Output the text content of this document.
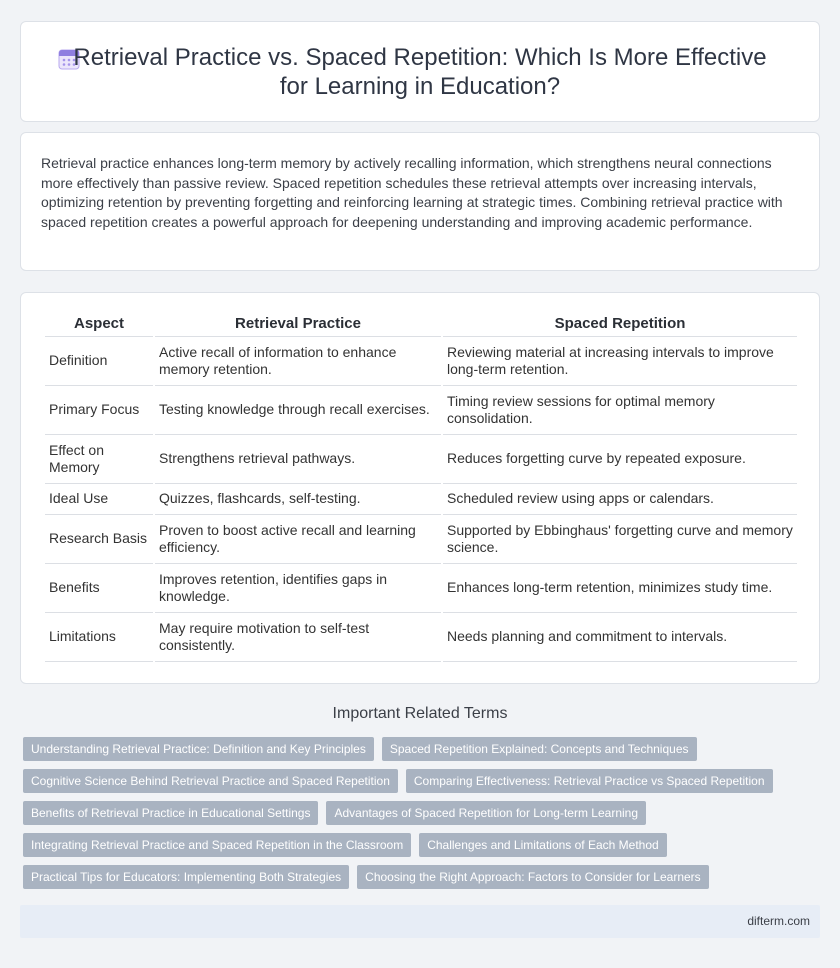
Retrieval Practice vs. Spaced Repetition: Which Is More Effective for Learning in Education?

Retrieval practice enhances long-term memory by actively recalling information, which strengthens neural connections more effectively than passive review. Spaced repetition schedules these retrieval attempts over increasing intervals, optimizing retention by preventing forgetting and reinforcing learning at strategic times. Combining retrieval practice with spaced repetition creates a powerful approach for deepening understanding and improving academic performance.

Aspect	Retrieval Practice	Spaced Repetition
Definition	Active recall of information to enhance memory retention.	Reviewing material at increasing intervals to improve long-term retention.
Primary Focus	Testing knowledge through recall exercises.	Timing review sessions for optimal memory consolidation.
Effect on Memory	Strengthens retrieval pathways.	Reduces forgetting curve by repeated exposure.
Ideal Use	Quizzes, flashcards, self-testing.	Scheduled review using apps or calendars.
Research Basis	Proven to boost active recall and learning efficiency.	Supported by Ebbinghaus' forgetting curve and memory science.
Benefits	Improves retention, identifies gaps in knowledge.	Enhances long-term retention, minimizes study time.
Limitations	May require motivation to self-test consistently.	Needs planning and commitment to intervals.
Important Related Terms
Understanding Retrieval Practice: Definition and Key Principles	Spaced Repetition Explained: Concepts and Techniques
Cognitive Science Behind Retrieval Practice and Spaced Repetition	Comparing Effectiveness: Retrieval Practice vs Spaced Repetition
Benefits of Retrieval Practice in Educational Settings	Advantages of Spaced Repetition for Long-term Learning
Integrating Retrieval Practice and Spaced Repetition in the Classroom	Challenges and Limitations of Each Method
Practical Tips for Educators: Implementing Both Strategies	Choosing the Right Approach: Factors to Consider for Learners
difterm.com
